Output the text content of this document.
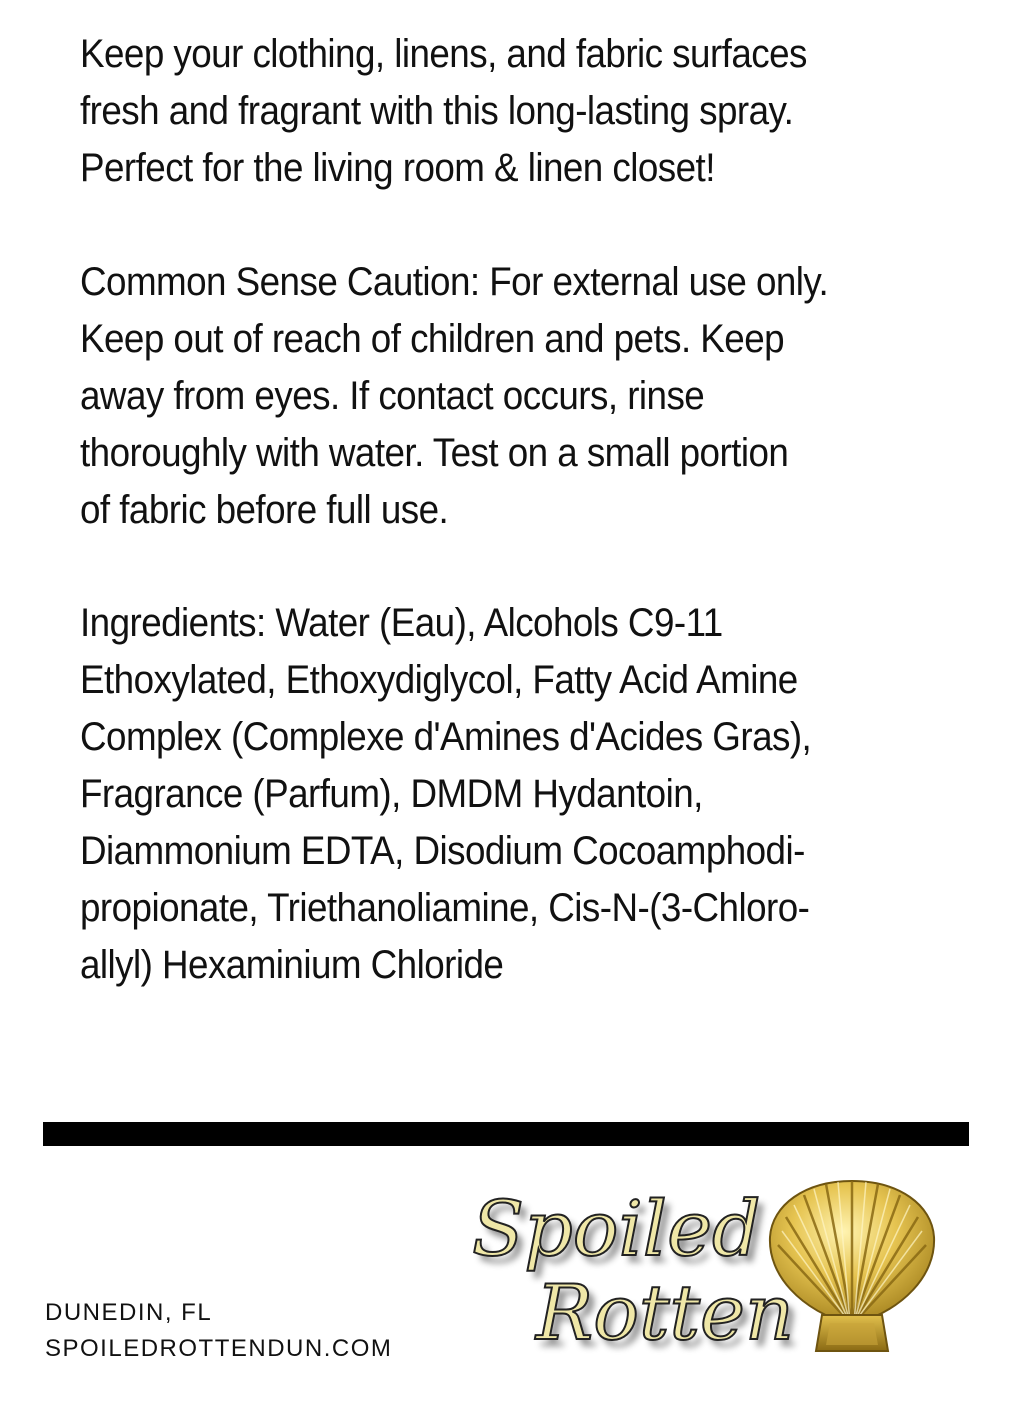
Keep your clothing, linens, and fabric surfaces
fresh and fragrant with this long-lasting spray.
Perfect for the living room & linen closet!

Common Sense Caution: For external use only.
Keep out of reach of children and pets. Keep
away from eyes. If contact occurs, rinse
thoroughly with water. Test on a small portion
of fabric before full use.

Ingredients: Water (Eau), Alcohols C9-11
Ethoxylated, Ethoxydiglycol, Fatty Acid Amine
Complex (Complexe d'Amines d'Acides Gras),
Fragrance (Parfum), DMDM Hydantoin,
Diammonium EDTA, Disodium Cocoamphodi-
propionate, Triethanoliamine, Cis-N-(3-Chloro-
allyl) Hexaminium Chloride

DUNEDIN, FL

SPOILEDROTTENDUN.COM

Spoiled

Rotten
